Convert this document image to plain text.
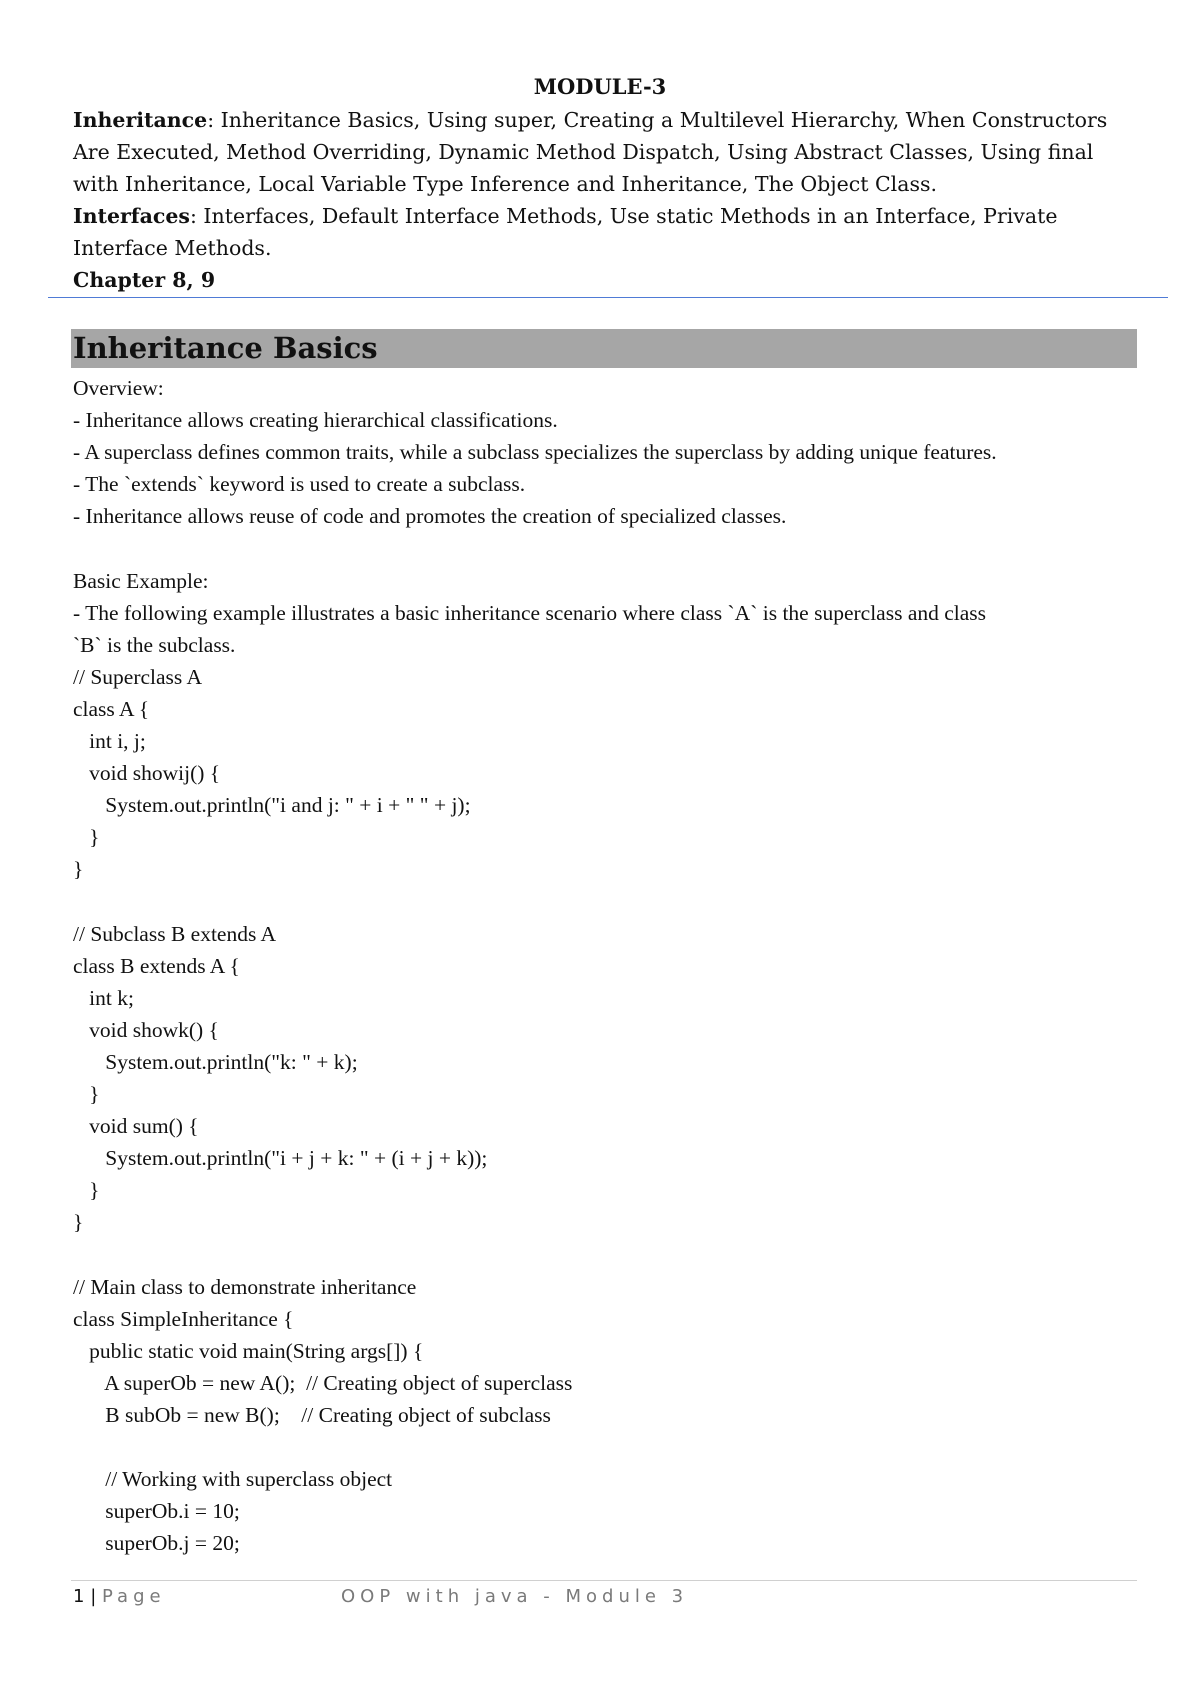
MODULE-3
Inheritance: Inheritance Basics, Using super, Creating a Multilevel Hierarchy, When Constructors Are Executed, Method Overriding, Dynamic Method Dispatch, Using Abstract Classes, Using final with Inheritance, Local Variable Type Inference and Inheritance, The Object Class.
Interfaces: Interfaces, Default Interface Methods, Use static Methods in an Interface, Private Interface Methods.
Chapter 8, 9
Inheritance Basics
Overview:
- Inheritance allows creating hierarchical classifications.
- A superclass defines common traits, while a subclass specializes the superclass by adding unique features.
- The `extends` keyword is used to create a subclass.
- Inheritance allows reuse of code and promotes the creation of specialized classes.
Basic Example:
- The following example illustrates a basic inheritance scenario where class `A` is the superclass and class
`B` is the subclass.
// Superclass A
class A {
int i, j;
void showij() {
System.out.println("i and j: " + i + " " + j);
}
}
// Subclass B extends A
class B extends A {
int k;
void showk() {
System.out.println("k: " + k);
}
void sum() {
System.out.println("i + j + k: " + (i + j + k));
}
}
// Main class to demonstrate inheritance
class SimpleInheritance {
public static void main(String args[]) {
A superOb = new A();  // Creating object of superclass
B subOb = new B();    // Creating object of subclass
// Working with superclass object
superOb.i = 10;
superOb.j = 20;
1 | Page	OOP with java - Module 3
